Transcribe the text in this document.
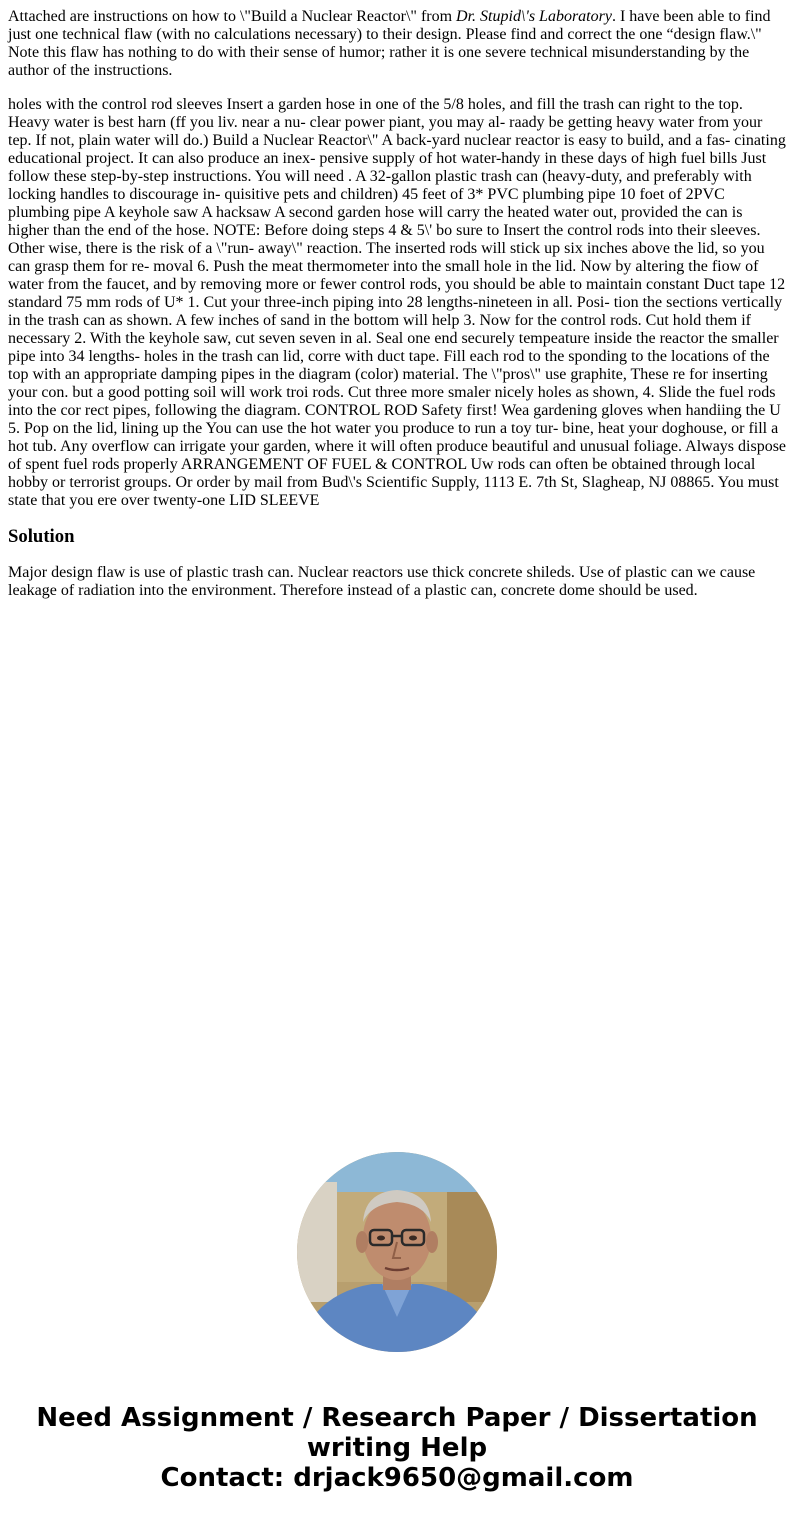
Attached are instructions on how to \"Build a Nuclear Reactor\" from Dr. Stupid\'s Laboratory. I have been able to find just one technical flaw (with no calculations necessary) to their design. Please find and correct the one “design flaw.\" Note this flaw has nothing to do with their sense of humor; rather it is one severe technical misunderstanding by the author of the instructions.

holes with the control rod sleeves Insert a garden hose in one of the 5/8 holes, and fill the trash can right to the top. Heavy water is best harn (ff you liv. near a nu- clear power piant, you may al- raady be getting heavy water from your tep. If not, plain water will do.) Build a Nuclear Reactor\" A back-yard nuclear reactor is easy to build, and a fas- cinating educational project. It can also produce an inex- pensive supply of hot water-handy in these days of high fuel bills Just follow these step-by-step instructions. You will need . A 32-gallon plastic trash can (heavy-duty, and preferably with locking handles to discourage in- quisitive pets and children) 45 feet of 3* PVC plumbing pipe 10 foet of 2PVC plumbing pipe A keyhole saw A hacksaw A second garden hose will carry the heated water out, provided the can is higher than the end of the hose. NOTE: Before doing steps 4 & 5\' bo sure to Insert the control rods into their sleeves. Other wise, there is the risk of a \"run- away\" reaction. The inserted rods will stick up six inches above the lid, so you can grasp them for re- moval 6. Push the meat thermometer into the small hole in the lid. Now by altering the fiow of water from the faucet, and by removing more or fewer control rods, you should be able to maintain constant Duct tape 12 standard 75 mm rods of U* 1. Cut your three-inch piping into 28 lengths-nineteen in all. Posi- tion the sections vertically in the trash can as shown. A few inches of sand in the bottom will help 3. Now for the control rods. Cut hold them if necessary 2. With the keyhole saw, cut seven seven in al. Seal one end securely tempeature inside the reactor the smaller pipe into 34 lengths- holes in the trash can lid, corre with duct tape. Fill each rod to the sponding to the locations of the top with an appropriate damping pipes in the diagram (color) material. The \"pros\" use graphite, These re for inserting your con. but a good potting soil will work troi rods. Cut three more smaler nicely holes as shown, 4. Slide the fuel rods into the cor rect pipes, following the diagram. CONTROL ROD Safety first! Wea gardening gloves when handiing the U 5. Pop on the lid, lining up the You can use the hot water you produce to run a toy tur- bine, heat your doghouse, or fill a hot tub. Any overflow can irrigate your garden, where it will often produce beautiful and unusual foliage. Always dispose of spent fuel rods properly ARRANGEMENT OF FUEL & CONTROL Uw rods can often be obtained through local hobby or terrorist groups. Or order by mail from Bud\'s Scientific Supply, 1113 E. 7th St, Slagheap, NJ 08865. You must state that you ere over twenty-one LID SLEEVE

Solution

Major design flaw is use of plastic trash can. Nuclear reactors use thick concrete shileds. Use of plastic can we cause leakage of radiation into the environment. Therefore instead of a plastic can, concrete dome should be used.

Need Assignment / Research Paper / Dissertation
writing Help
Contact: drjack9650@gmail.com
